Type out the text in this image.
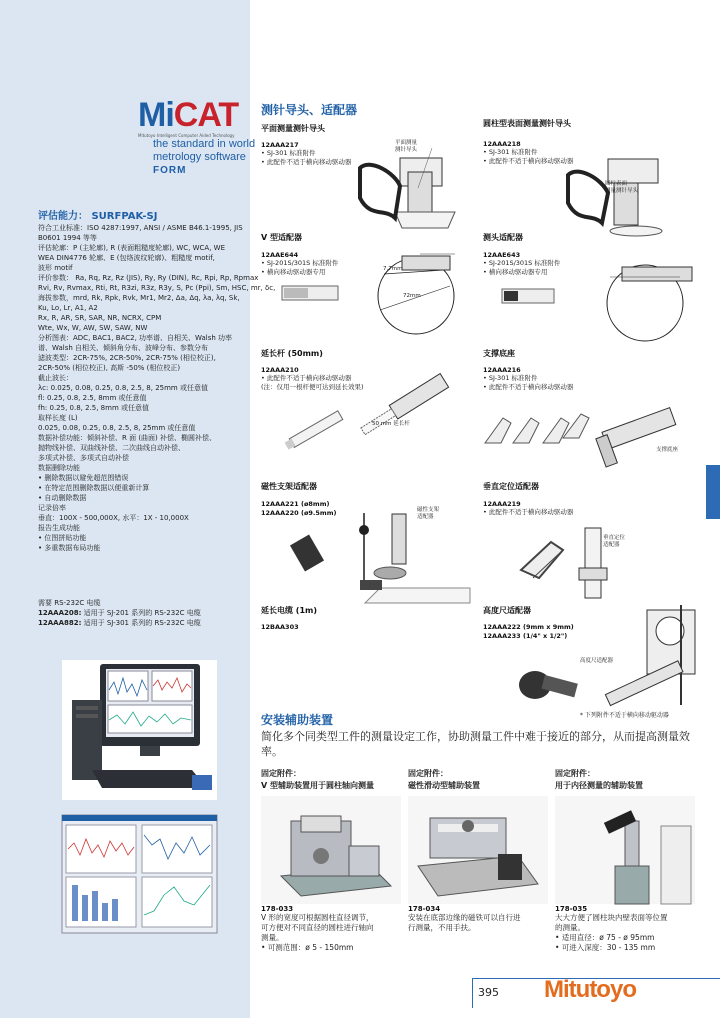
MiCAT
Mitutoyo Intelligent Computer Aided Technology
the standard in world
metrology software
FORM
评估能力： SURFPAK-SJ
符合工业标准：ISO 4287:1997, ANSI / ASME B46.1-1995, JIS
B0601 1994 等等
评估轮廓：P (主轮廓), R (表面粗糙度轮廓), WC, WCA, WE
WEA DIN4776 轮廓、E (包络波纹轮廓)、粗糙度 motif,
波形 motif
评价参数： Ra, Rq, Rz, Rz (JIS), Ry, Ry (DIN), Rc, Rpi, Rp, Rpmax
Rvi, Rv, Rvmax, Rti, Rt, R3zi, R3z, R3y, S, Pc (Ppi), Sm, HSC, mr, δc,
海拔参数，mrd, Rk, Rpk, Rvk, Mr1, Mr2, Δa, Δq, λa, λq, Sk,
Ku, Lo, Lr, A1, A2
Rx, R, AR, SR, SAR, NR, NCRX, CPM
Wte, Wx, W, AW, SW, SAW, NW
分析图表：ADC, BAC1, BAC2, 功率谱、自相关、Walsh 功率
谱、Walsh 自相关、倾斜角分布、波峰分布、参数分布
滤波类型：2CR-75%, 2CR-50%, 2CR-75% (相位校正),
2CR-50% (相位校正), 高斯 -50% (相位校正)
截止波长：
λc: 0.025, 0.08, 0.25, 0.8, 2.5, 8, 25mm 或任意值
fl: 0.25, 0.8, 2.5, 8mm 或任意值
fh: 0.25, 0.8, 2.5, 8mm 或任意值
取样长度 (L)
0.025, 0.08, 0.25, 0.8, 2.5, 8, 25mm 或任意值
数据补偿功能：倾斜补偿、R 面 (曲面) 补偿、椭圆补偿、
抛物线补偿、双曲线补偿、二次曲线自动补偿、
多项式补偿、多项式自动补偿
数据删除功能
• 删除数据以避免超范围错误
• 在特定范围删除数据以便重新计算
• 自动删除数据
记录倍率
垂直：100X - 500,000X, 水平：1X - 10,000X
报告生成功能
• 位图拼贴功能
• 多重数据布局功能
需要 RS-232C 电缆
12AAA208: 适用于 SJ-201 系列的 RS-232C 电缆
12AAA882: 适用于 SJ-301 系列的 RS-232C 电缆
测针导头、适配器
平面测量测针导头
12AAA217
• SJ-301 标准附件
• 此配件不适于横向移动驱动器
平面测量
测针导头
圆柱型表面测量测针导头
12AAA218
• SJ-301 标准附件
• 此配件不适于横向移动驱动器
圆柱表面
测量测针导头
V 型适配器
12AAE644
• SJ-201S/301S 标准附件
• 横向移动驱动器专用	7.7mm
72mm
测头适配器
12AAE643
• SJ-201S/301S 标准附件
• 横向移动驱动器专用
延长杆 (50mm)
12AAA210
• 此配件不适于横向移动驱动器
(注：仅用一根杆便可达到延长效果)
50 mm 延长杆
支撑底座
12AAA216
• SJ-301 标准附件
• 此配件不适于横向移动驱动器
支撑底座
磁性支架适配器
12AAA221 (ø8mm)
12AAA220 (ø9.5mm)	磁性支架
适配器
垂直定位适配器
12AAA219
• 此配件不适于横向移动驱动器
垂直定位
适配器
延长电缆 (1m)
12BAA303
高度尺适配器
12AAA222 (9mm x 9mm)
12AAA233 (1/4" x 1/2")
高度尺适配器
* 下列附件不适于横向移动驱动器
安装辅助装置
简化多个同类型工件的测量设定工作，协助测量工件中难于接近的部分，从而提高测量效率。
固定附件：
V 型辅助装置用于圆柱轴向测量
固定附件：
磁性滑动型辅助装置
固定附件：
用于内径测量的辅助装置
178-033
V 形的宽度可根据圆柱直径调节，
可方便对不同直径的圆柱进行轴向
测量。
• 可测范围：ø 5 - 150mm
178-034
安装在底部边缘的磁铁可以自行进
行测量，不用手扶。
178-035
大大方便了圆柱块内壁表面等位置
的测量。
• 适用直径：ø 75 - ø 95mm
• 可进入深度：30 - 135 mm
395 Mitutoyo
